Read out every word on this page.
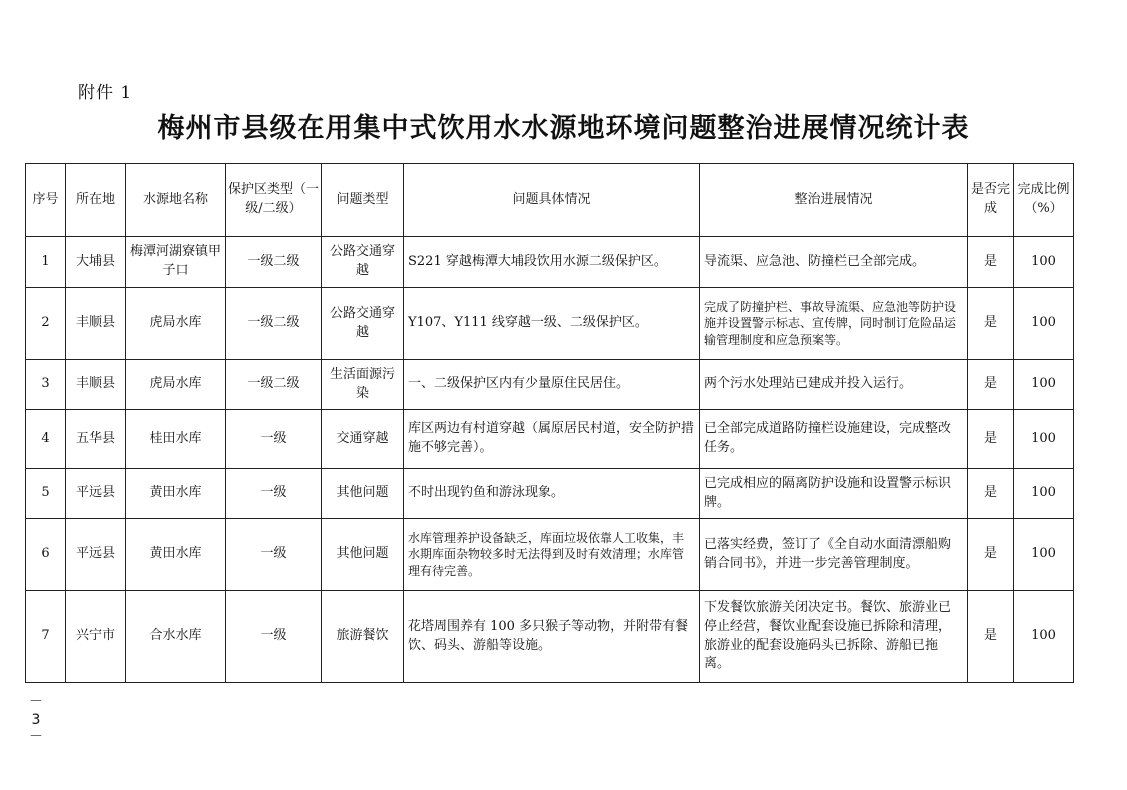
附件 1
梅州市县级在用集中式饮用水水源地环境问题整治进展情况统计表
序号	所在地	水源地名称	保护区类型（一级/二级）	问题类型	问题具体情况	整治进展情况	是否完成	完成比例（%）
1	大埔县	梅潭河湖寮镇甲子口	一级二级	公路交通穿越	S221 穿越梅潭大埔段饮用水源二级保护区。	导流渠、应急池、防撞栏已全部完成。	是	100
2	丰顺县	虎局水库	一级二级	公路交通穿越	Y107、Y111 线穿越一级、二级保护区。	完成了防撞护栏、事故导流渠、应急池等防护设施并设置警示标志、宣传牌，同时制订危险品运输管理制度和应急预案等。	是	100
3	丰顺县	虎局水库	一级二级	生活面源污染	一、二级保护区内有少量原住民居住。	两个污水处理站已建成并投入运行。	是	100
4	五华县	桂田水库	一级	交通穿越	库区两边有村道穿越（属原居民村道，安全防护措施不够完善）。	已全部完成道路防撞栏设施建设，完成整改任务。	是	100
5	平远县	黄田水库	一级	其他问题	不时出现钓鱼和游泳现象。	已完成相应的隔离防护设施和设置警示标识牌。	是	100
6	平远县	黄田水库	一级	其他问题	水库管理养护设备缺乏，库面垃圾依靠人工收集，丰水期库面杂物较多时无法得到及时有效清理；水库管理有待完善。	已落实经费，签订了《全自动水面清漂船购销合同书》，并进一步完善管理制度。	是	100
7	兴宁市	合水水库	一级	旅游餐饮	花塔周围养有 100 多只猴子等动物，并附带有餐饮、码头、游船等设施。	下发餐饮旅游关闭决定书。餐饮、旅游业已停止经营，餐饮业配套设施已拆除和清理，旅游业的配套设施码头已拆除、游船已拖离。	是	100
－3－
